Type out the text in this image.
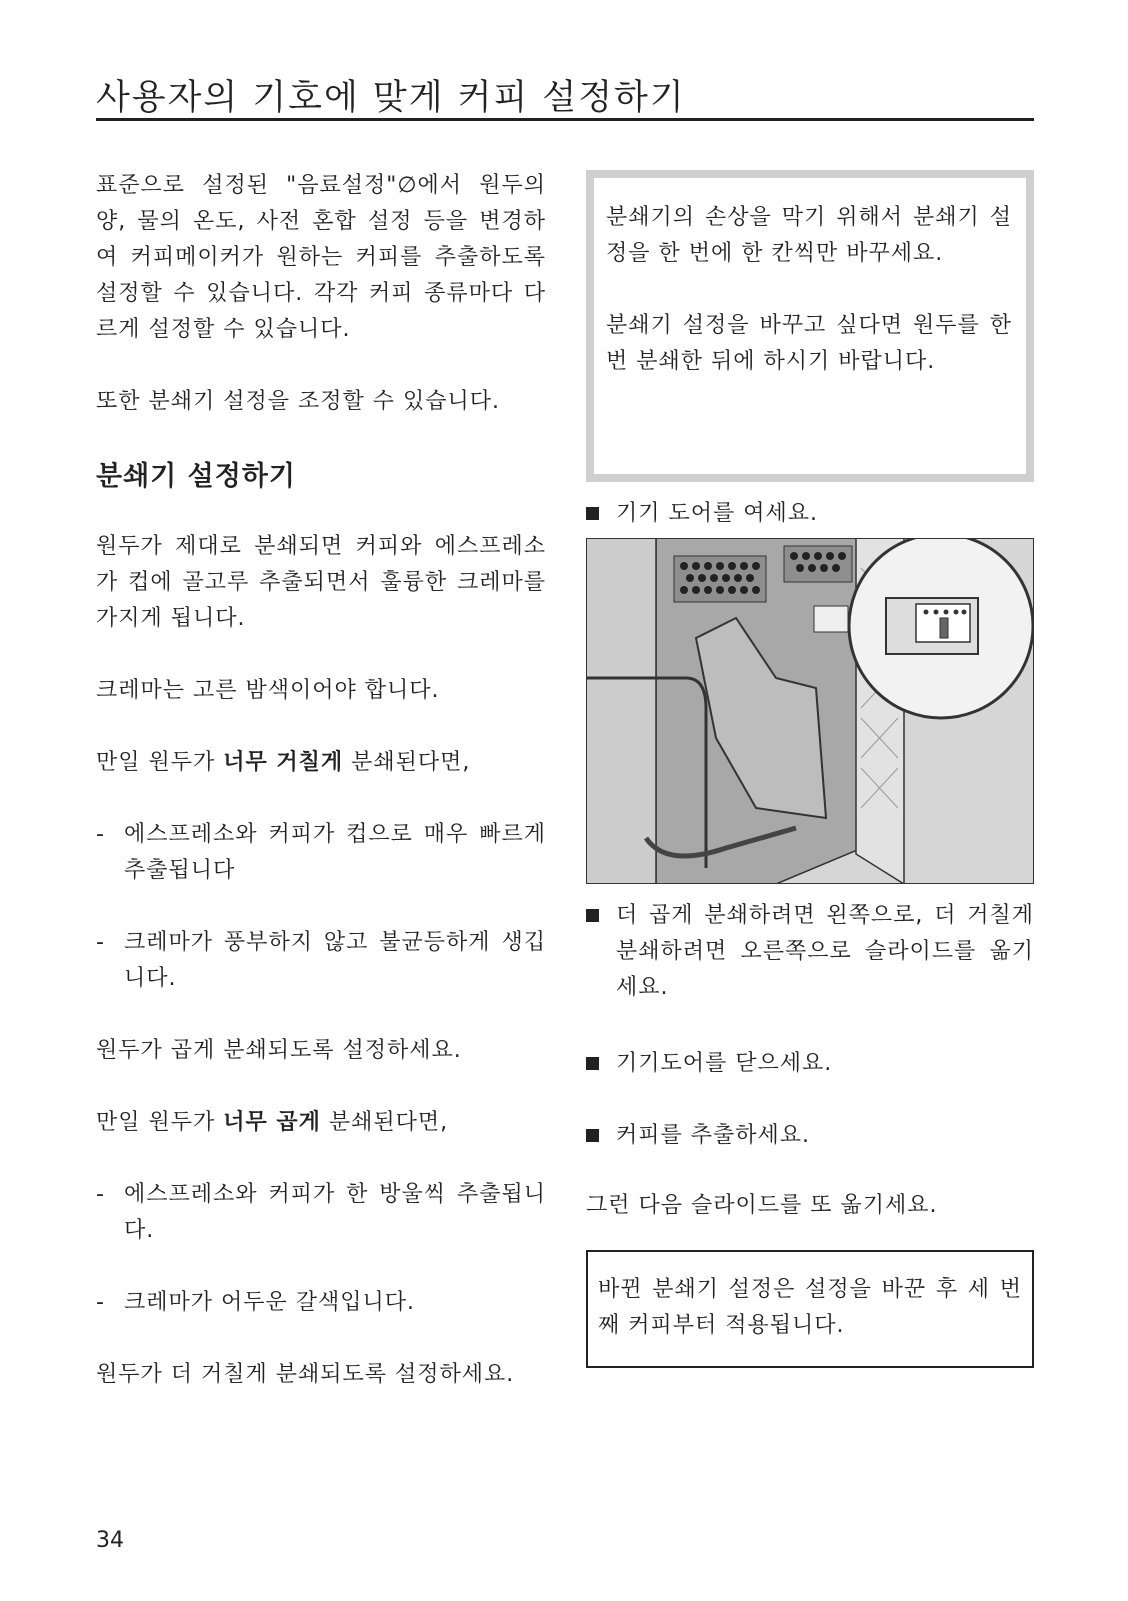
사용자의 기호에 맞게 커피 설정하기

표준으로 설정된 "음료설정"∅에서 원두의 양, 물의 온도, 사전 혼합 설정 등을 변경하여 커피메이커가 원하는 커피를 추출하도록 설정할 수 있습니다. 각각 커피 종류마다 다르게 설정할 수 있습니다.

또한 분쇄기 설정을 조정할 수 있습니다.

분쇄기 설정하기

원두가 제대로 분쇄되면 커피와 에스프레소가 컵에 골고루 추출되면서 훌륭한 크레마를 가지게 됩니다.

크레마는 고른 밤색이어야 합니다.

만일 원두가 너무 거칠게 분쇄된다면,

- 에스프레소와 커피가 컵으로 매우 빠르게 추출됩니다

- 크레마가 풍부하지 않고 불균등하게 생깁니다.

원두가 곱게 분쇄되도록 설정하세요.

만일 원두가 너무 곱게 분쇄된다면,

- 에스프레소와 커피가 한 방울씩 추출됩니다.

- 크레마가 어두운 갈색입니다.

원두가 더 거칠게 분쇄되도록 설정하세요.

분쇄기의 손상을 막기 위해서 분쇄기 설정을 한 번에 한 칸씩만 바꾸세요.

분쇄기 설정을 바꾸고 싶다면 원두를 한 번 분쇄한 뒤에 하시기 바랍니다.

기기 도어를 여세요.

더 곱게 분쇄하려면 왼쪽으로, 더 거칠게 분쇄하려면 오른쪽으로 슬라이드를 옮기세요.

기기도어를 닫으세요.

커피를 추출하세요.

그런 다음 슬라이드를 또 옮기세요.

바뀐 분쇄기 설정은 설정을 바꾼 후 세 번째 커피부터 적용됩니다.

34
